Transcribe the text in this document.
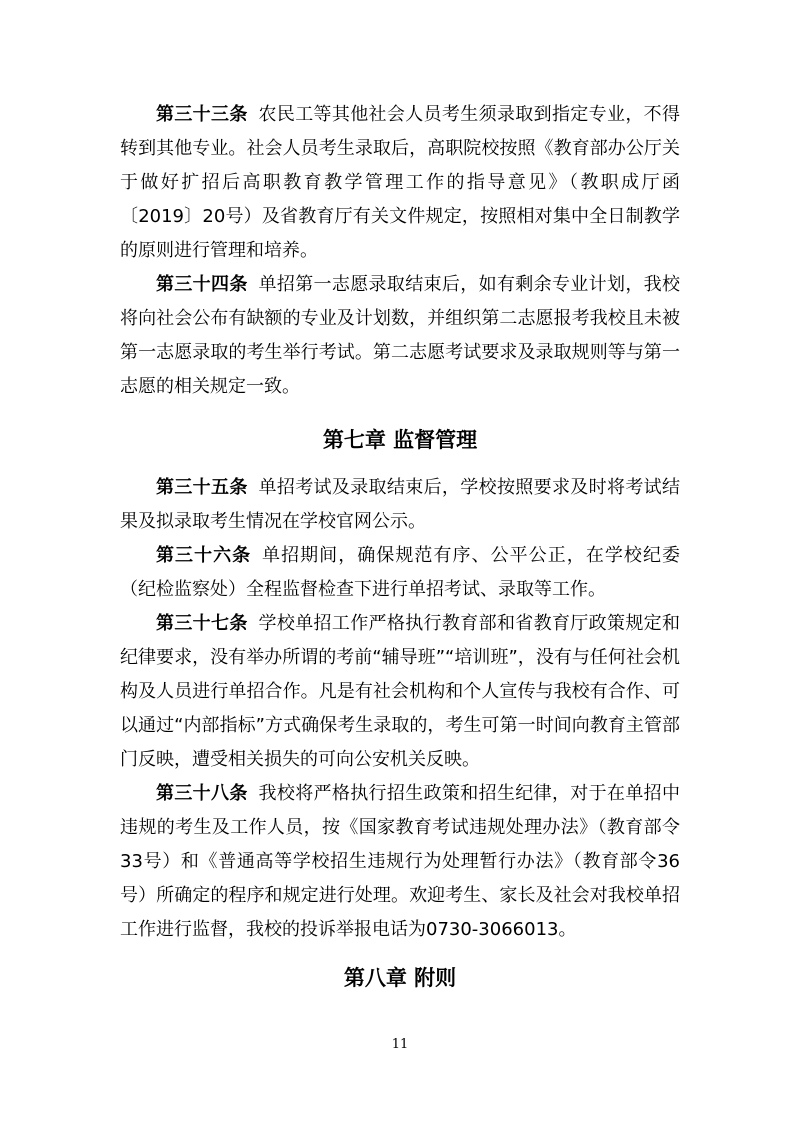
第三十三条 农民工等其他社会人员考生须录取到指定专业，不得转到其他专业。社会人员考生录取后，高职院校按照《教育部办公厅关于做好扩招后高职教育教学管理工作的指导意见》（教职成厅函〔2019〕20号）及省教育厅有关文件规定，按照相对集中全日制教学的原则进行管理和培养。

第三十四条 单招第一志愿录取结束后，如有剩余专业计划，我校将向社会公布有缺额的专业及计划数，并组织第二志愿报考我校且未被第一志愿录取的考生举行考试。第二志愿考试要求及录取规则等与第一志愿的相关规定一致。

第七章 监督管理

第三十五条 单招考试及录取结束后，学校按照要求及时将考试结果及拟录取考生情况在学校官网公示。

第三十六条 单招期间，确保规范有序、公平公正，在学校纪委（纪检监察处）全程监督检查下进行单招考试、录取等工作。

第三十七条 学校单招工作严格执行教育部和省教育厅政策规定和纪律要求，没有举办所谓的考前“辅导班”“培训班”，没有与任何社会机构及人员进行单招合作。凡是有社会机构和个人宣传与我校有合作、可以通过“内部指标”方式确保考生录取的，考生可第一时间向教育主管部门反映，遭受相关损失的可向公安机关反映。

第三十八条 我校将严格执行招生政策和招生纪律，对于在单招中违规的考生及工作人员，按《国家教育考试违规处理办法》（教育部令33号）和《普通高等学校招生违规行为处理暂行办法》（教育部令36号）所确定的程序和规定进行处理。欢迎考生、家长及社会对我校单招工作进行监督，我校的投诉举报电话为0730-3066013。

第八章 附则
11
